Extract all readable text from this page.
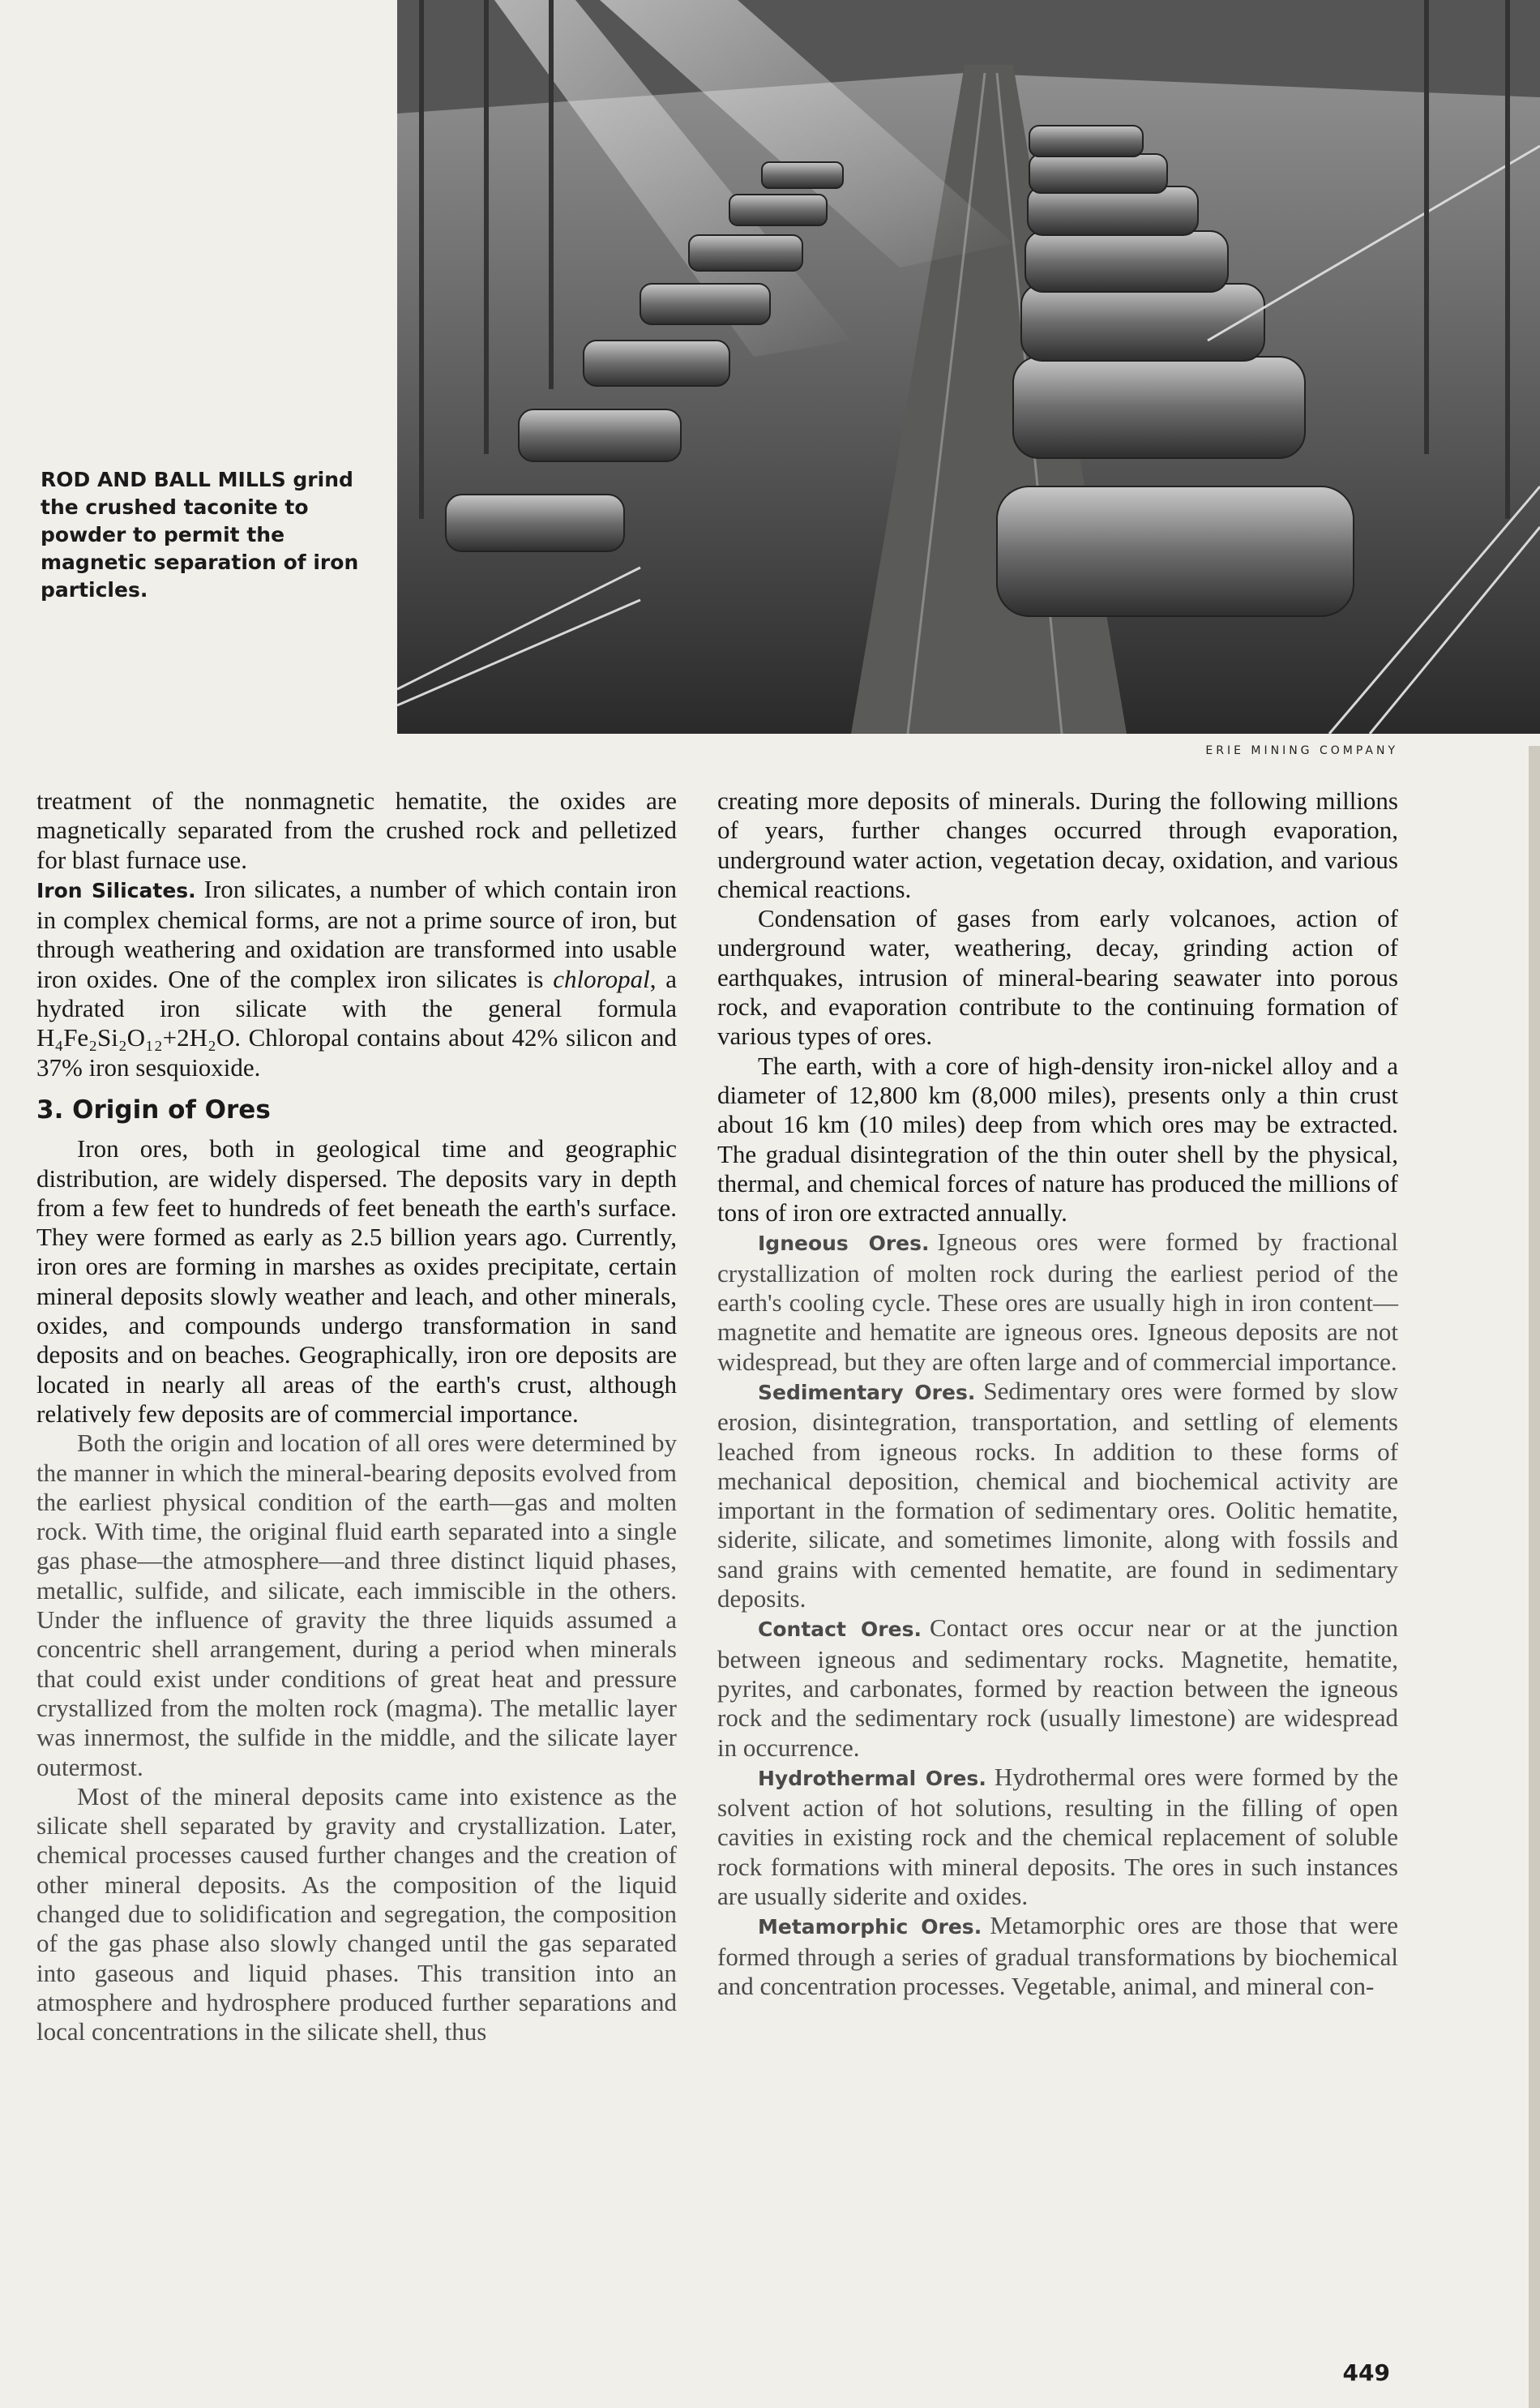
ROD AND BALL MILLS grind the crushed taconite to powder to permit the magnetic separation of iron particles.
ERIE MINING COMPANY

treatment of the nonmagnetic hematite, the oxides are magnetically separated from the crushed rock and pelletized for blast furnace use.

Iron Silicates. Iron silicates, a number of which contain iron in complex chemical forms, are not a prime source of iron, but through weathering and oxidation are transformed into usable iron oxides. One of the complex iron silicates is chloropal, a hydrated iron silicate with the general formula H₄Fe₂Si₂O₁₂+2H₂O. Chloropal contains about 42% silicon and 37% iron sesquioxide.

3. Origin of Ores

Iron ores, both in geological time and geographic distribution, are widely dispersed. The deposits vary in depth from a few feet to hundreds of feet beneath the earth's surface. They were formed as early as 2.5 billion years ago. Currently, iron ores are forming in marshes as oxides precipitate, certain mineral deposits slowly weather and leach, and other minerals, oxides, and compounds undergo transformation in sand deposits and on beaches. Geographically, iron ore deposits are located in nearly all areas of the earth's crust, although relatively few deposits are of commercial importance.

Both the origin and location of all ores were determined by the manner in which the mineral-bearing deposits evolved from the earliest physical condition of the earth—gas and molten rock. With time, the original fluid earth separated into a single gas phase—the atmosphere—and three distinct liquid phases, metallic, sulfide, and silicate, each immiscible in the others. Under the influence of gravity the three liquids assumed a concentric shell arrangement, during a period when minerals that could exist under conditions of great heat and pressure crystallized from the molten rock (magma). The metallic layer was innermost, the sulfide in the middle, and the silicate layer outermost.

Most of the mineral deposits came into existence as the silicate shell separated by gravity and crystallization. Later, chemical processes caused further changes and the creation of other mineral deposits. As the composition of the liquid changed due to solidification and segregation, the composition of the gas phase also slowly changed until the gas separated into gaseous and liquid phases. This transition into an atmosphere and hydrosphere produced further separations and local concentrations in the silicate shell, thus

creating more deposits of minerals. During the following millions of years, further changes occurred through evaporation, underground water action, vegetation decay, oxidation, and various chemical reactions.

Condensation of gases from early volcanoes, action of underground water, weathering, decay, grinding action of earthquakes, intrusion of mineral-bearing seawater into porous rock, and evaporation contribute to the continuing formation of various types of ores.

The earth, with a core of high-density iron-nickel alloy and a diameter of 12,800 km (8,000 miles), presents only a thin crust about 16 km (10 miles) deep from which ores may be extracted. The gradual disintegration of the thin outer shell by the physical, thermal, and chemical forces of nature has produced the millions of tons of iron ore extracted annually.

Igneous Ores. Igneous ores were formed by fractional crystallization of molten rock during the earliest period of the earth's cooling cycle. These ores are usually high in iron content—magnetite and hematite are igneous ores. Igneous deposits are not widespread, but they are often large and of commercial importance.

Sedimentary Ores. Sedimentary ores were formed by slow erosion, disintegration, transportation, and settling of elements leached from igneous rocks. In addition to these forms of mechanical deposition, chemical and biochemical activity are important in the formation of sedimentary ores. Oolitic hematite, siderite, silicate, and sometimes limonite, along with fossils and sand grains with cemented hematite, are found in sedimentary deposits.

Contact Ores. Contact ores occur near or at the junction between igneous and sedimentary rocks. Magnetite, hematite, pyrites, and carbonates, formed by reaction between the igneous rock and the sedimentary rock (usually limestone) are widespread in occurrence.

Hydrothermal Ores. Hydrothermal ores were formed by the solvent action of hot solutions, resulting in the filling of open cavities in existing rock and the chemical replacement of soluble rock formations with mineral deposits. The ores in such instances are usually siderite and oxides.

Metamorphic Ores. Metamorphic ores are those that were formed through a series of gradual transformations by biochemical and concentration processes. Vegetable, animal, and mineral con-

449
